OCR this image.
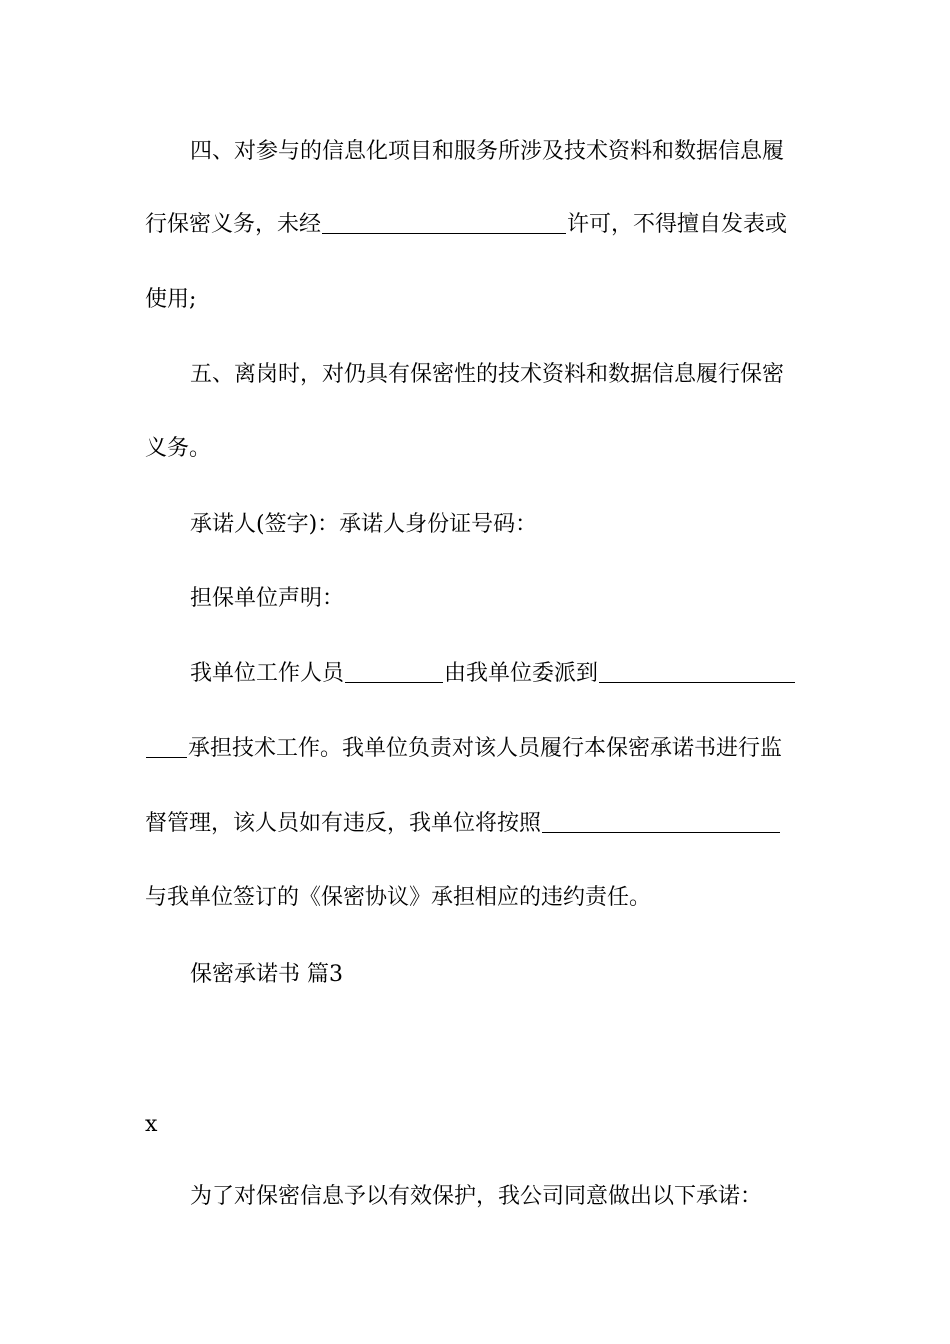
四、对参与的信息化项目和服务所涉及技术资料和数据信息履
行保密义务，未经	许可，不得擅自发表或
使用;
五、离岗时，对仍具有保密性的技术资料和数据信息履行保密
义务。
承诺人(签字)：承诺人身份证号码：
担保单位声明：
我单位工作人员	由我单位委派到
承担技术工作。我单位负责对该人员履行本保密承诺书进行监
督管理，该人员如有违反，我单位将按照
与我单位签订的《保密协议》承担相应的违约责任。
保密承诺书 篇3
x
为了对保密信息予以有效保护，我公司同意做出以下承诺：
